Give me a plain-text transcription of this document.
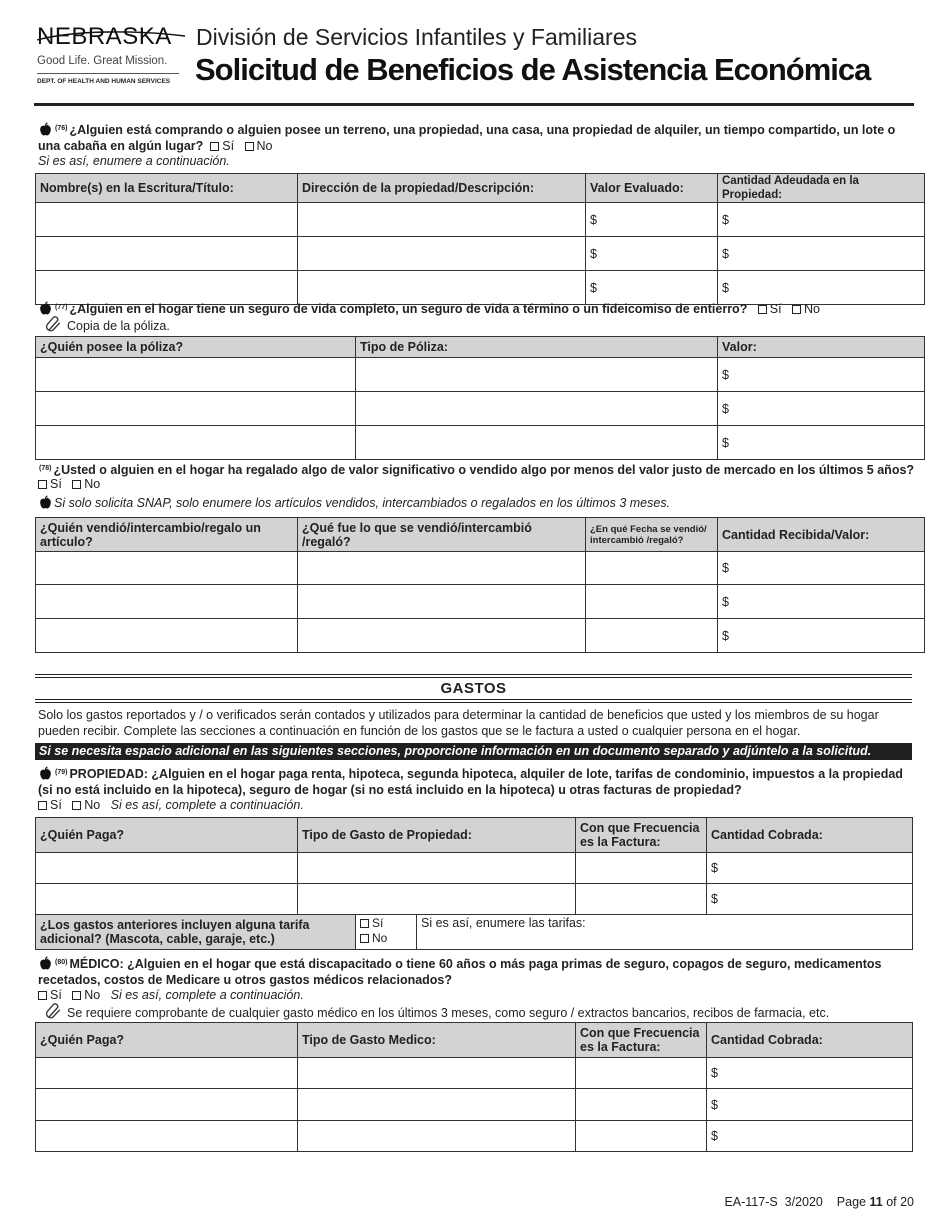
NEBRASKA
Good Life. Great Mission.
DEPT. OF HEALTH AND HUMAN SERVICES
División de Servicios Infantiles y Familiares
Solicitud de Beneficios de Asistencia Económica
$^{(76)}$ ¿Alguien está comprando o alguien posee un terreno, una propiedad, una casa, una propiedad de alquiler, un tiempo compartido, un lote o una cabaña en algún lugar? Sí No
Si es así, enumere a continuación.
Nombre(s) en la Escritura/Título:	Dirección de la propiedad/Descripción:	Valor Evaluado:	Cantidad Adeudada en la Propiedad:
		$	$
		$	$
		$	$
$^{(77)}$ ¿Alguien en el hogar tiene un seguro de vida completo, un seguro de vida a término o un fideicomiso de entierro? Sí No
Copia de la póliza.
¿Quién posee la póliza?	Tipo de Póliza:	Valor:
		$
		$
		$
$^{(78)}$ ¿Usted o alguien en el hogar ha regalado algo de valor significativo o vendido algo por menos del valor justo de mercado en los últimos 5 años?
Sí No
Si solo solicita SNAP, solo enumere los artículos vendidos, intercambiados o regalados en los últimos 3 meses.
¿Quién vendió/intercambio/regalo un artículo?	¿Qué fue lo que se vendió/intercambió /regaló?	¿En qué Fecha se vendió/ intercambió /regaló?	Cantidad Recibida/Valor:
			$
			$
			$
GASTOS
Solo los gastos reportados y / o verificados serán contados y utilizados para determinar la cantidad de beneficios que usted y los miembros de su hogar pueden recibir. Complete las secciones a continuación en función de los gastos que se le factura a usted o cualquier persona en el hogar.
Si se necesita espacio adicional en las siguientes secciones, proporcione información en un documento separado y adjúntelo a la solicitud.
$^{(79)}$ PROPIEDAD: ¿Alguien en el hogar paga renta, hipoteca, segunda hipoteca, alquiler de lote, tarifas de condominio, impuestos a la propiedad (si no está incluido en la hipoteca), seguro de hogar (si no está incluido en la hipoteca) u otras facturas de propiedad?
Sí No Si es así, complete a continuación.
¿Quién Paga?	Tipo de Gasto de Propiedad:	Con que Frecuencia es la Factura:	Cantidad Cobrada:
			$
			$
¿Los gastos anteriores incluyen alguna tarifa adicional? (Mascota, cable, garaje, etc.)	
Sí
No
	Si es así, enumere las tarifas:
$^{(80)}$ MÉDICO: ¿Alguien en el hogar que está discapacitado o tiene 60 años o más paga primas de seguro, copagos de seguro, medicamentos recetados, costos de Medicare u otros gastos médicos relacionados?
Sí No Si es así, complete a continuación.
Se requiere comprobante de cualquier gasto médico en los últimos 3 meses, como seguro / extractos bancarios, recibos de farmacia, etc.
¿Quién Paga?	Tipo de Gasto Medico:	Con que Frecuencia es la Factura:	Cantidad Cobrada:
			$
			$
			$
EA-117-S 3/2020 Page 11 of 20
